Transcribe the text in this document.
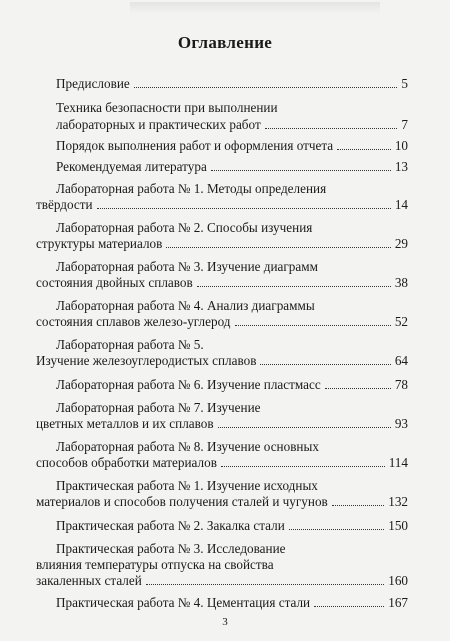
Оглавление
Предисловие	5
Техника безопасности при выполнении
лабораторных и практических работ	7
Порядок выполнения работ и оформления отчета	10
Рекомендуемая литература	13
Лабораторная работа № 1. Методы определения
твёрдости	14
Лабораторная работа № 2. Способы изучения
структуры материалов	29
Лабораторная работа № 3. Изучение диаграмм
состояния двойных сплавов	38
Лабораторная работа № 4. Анализ диаграммы
состояния сплавов железо-углерод	52
Лабораторная работа № 5.
Изучение железоуглеродистых сплавов	64
Лабораторная работа № 6. Изучение пластмасс	78
Лабораторная работа № 7. Изучение
цветных металлов и их сплавов	93
Лабораторная работа № 8. Изучение основных
способов обработки материалов	114
Практическая работа № 1. Изучение исходных
материалов и способов получения сталей и чугунов	132
Практическая работа № 2. Закалка стали	150
Практическая работа № 3. Исследование
влияния температуры отпуска на свойства
закаленных сталей	160
Практическая работа № 4. Цементация стали	167
3
